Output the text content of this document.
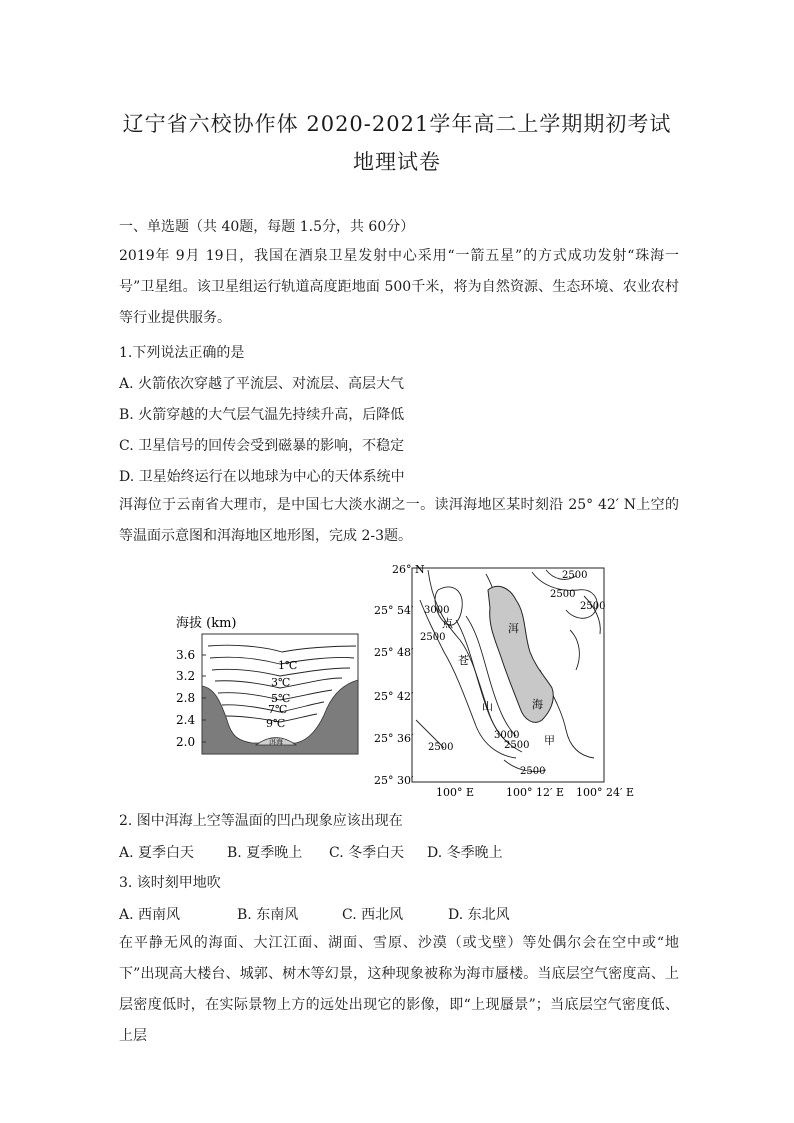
辽宁省六校协作体 2020-2021学年高二上学期期初考试
地理试卷
一、单选题（共 40题，每题 1.5分，共 60分）
2019年 9月 19日，我国在酒泉卫星发射中心采用“一箭五星”的方式成功发射“珠海一号”卫星组。该卫星组运行轨道高度距地面 500千米，将为自然资源、生态环境、农业农村等行业提供服务。
1.下列说法正确的是
A. 火箭依次穿越了平流层、对流层、高层大气
B. 火箭穿越的大气层气温先持续升高，后降低
C. 卫星信号的回传会受到磁暴的影响，不稳定
D. 卫星始终运行在以地球为中心的天体系统中
洱海位于云南省大理市，是中国七大淡水湖之一。读洱海地区某时刻沿 25° 42′ N上空的等温面示意图和洱海地区地形图，完成 2-3题。
海拔 (km)
洱海
1℃
3℃
5℃
7℃
9℃
3.6
3.2
2.8
2.4
2.0
26° N
25° 54′
25° 48′
25° 42′
25° 36′
25° 30′
100° E	100° 12′ E 100° 24′ E
3000
2500
2500
2500
2500
3000
2500
2500
2500
点
苍
山
洱
海
甲
2. 图中洱海上空等温面的凹凸现象应该出现在
A. 夏季白天 B. 夏季晚上 C. 冬季白天 D. 冬季晚上
3. 该时刻甲地吹
A. 西南风	B. 东南风	C. 西北风	D. 东北风
在平静无风的海面、大江江面、湖面、雪原、沙漠（或戈壁）等处偶尔会在空中或“地下”出现高大楼台、城郭、树木等幻景，这种现象被称为海市蜃楼。当底层空气密度高、上层密度低时，在实际景物上方的远处出现它的影像，即“上现蜃景”；当底层空气密度低、上层
